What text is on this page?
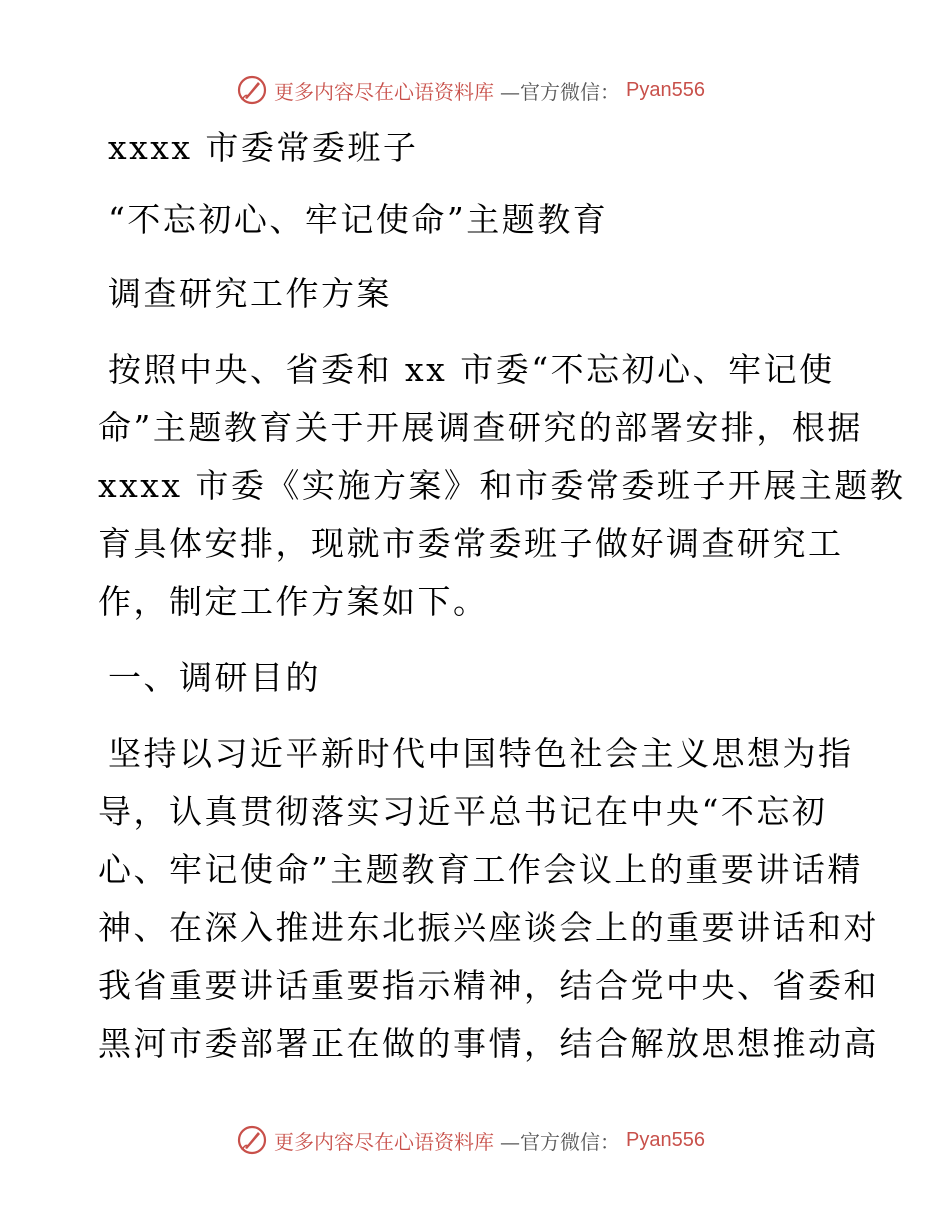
更多内容尽在心语资料库 —官方微信： Pyan556
xxxx 市委常委班子
“不忘初心、牢记使命”主题教育
调查研究工作方案
按照中央、省委和 xx 市委“不忘初心、牢记使
命”主题教育关于开展调查研究的部署安排，根据
xxxx 市委《实施方案》和市委常委班子开展主题教
育具体安排，现就市委常委班子做好调查研究工
作，制定工作方案如下。
一、调研目的
坚持以习近平新时代中国特色社会主义思想为指
导，认真贯彻落实习近平总书记在中央“不忘初
心、牢记使命”主题教育工作会议上的重要讲话精
神、在深入推进东北振兴座谈会上的重要讲话和对
我省重要讲话重要指示精神，结合党中央、省委和
黑河市委部署正在做的事情，结合解放思想推动高
更多内容尽在心语资料库 —官方微信： Pyan556
